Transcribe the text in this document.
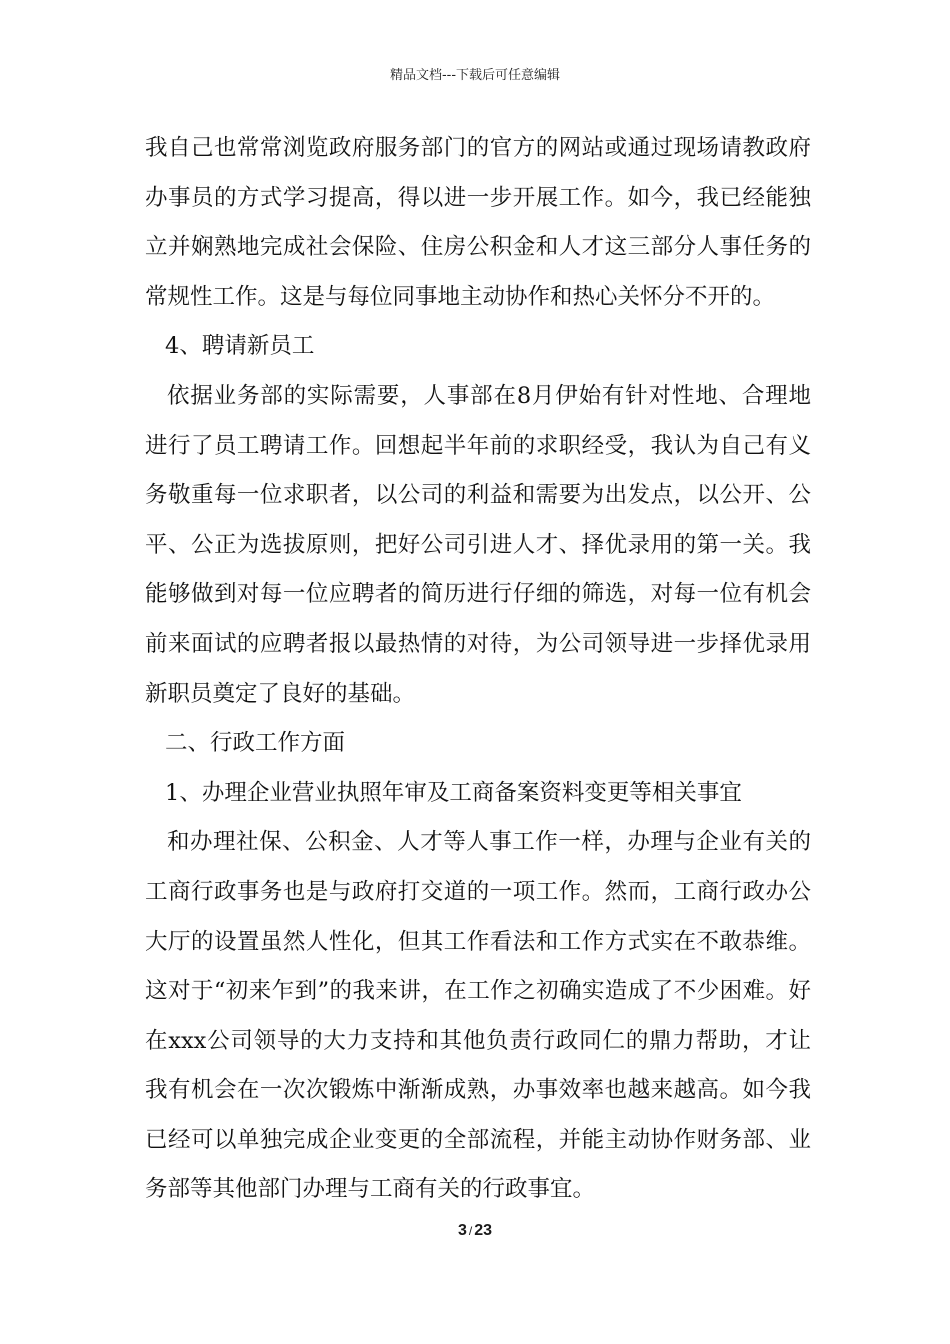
精品文档---下载后可任意编辑

我自己也常常浏览政府服务部门的官方的网站或通过现场请教政府办事员的方式学习提高，得以进一步开展工作。如今，我已经能独立并娴熟地完成社会保险、住房公积金和人才这三部分人事任务的常规性工作。这是与每位同事地主动协作和热心关怀分不开的。

4、聘请新员工

依据业务部的实际需要，人事部在8月伊始有针对性地、合理地进行了员工聘请工作。回想起半年前的求职经受，我认为自己有义务敬重每一位求职者，以公司的利益和需要为出发点，以公开、公平、公正为选拔原则，把好公司引进人才、择优录用的第一关。我能够做到对每一位应聘者的简历进行仔细的筛选，对每一位有机会前来面试的应聘者报以最热情的对待，为公司领导进一步择优录用新职员奠定了良好的基础。

二、行政工作方面

1、办理企业营业执照年审及工商备案资料变更等相关事宜

和办理社保、公积金、人才等人事工作一样，办理与企业有关的工商行政事务也是与政府打交道的一项工作。然而，工商行政办公大厅的设置虽然人性化，但其工作看法和工作方式实在不敢恭维。这对于“初来乍到”的我来讲，在工作之初确实造成了不少困难。好在xxx公司领导的大力支持和其他负责行政同仁的鼎力帮助，才让我有机会在一次次锻炼中渐渐成熟，办事效率也越来越高。如今我已经可以单独完成企业变更的全部流程，并能主动协作财务部、业务部等其他部门办理与工商有关的行政事宜。

3 / 23
